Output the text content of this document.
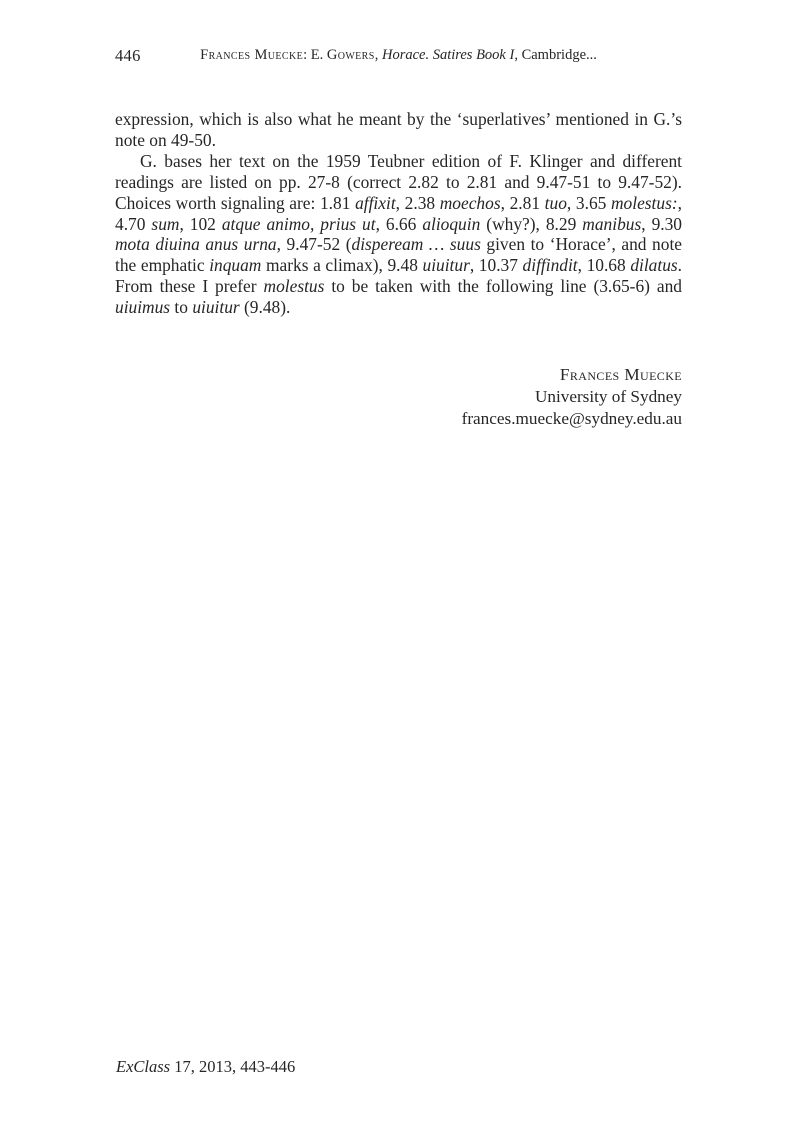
446	Frances Muecke: E. Gowers, Horace. Satires Book I, Cambridge...

expression, which is also what he meant by the ‘superlatives’ mentioned in G.’s note on 49-50.

G. bases her text on the 1959 Teubner edition of F. Klinger and different readings are listed on pp. 27-8 (correct 2.82 to 2.81 and 9.47-51 to 9.47-52). Choices worth signaling are: 1.81 affixit, 2.38 moechos, 2.81 tuo, 3.65 molestus:, 4.70 sum, 102 atque animo, prius ut, 6.66 alioquin (why?), 8.29 manibus, 9.30 mota diuina anus urna, 9.47-52 (dispeream … suus given to ‘Horace’, and note the emphatic inquam marks a climax), 9.48 uiuitur, 10.37 diffindit, 10.68 dilatus. From these I prefer molestus to be taken with the following line (3.65-6) and uiuimus to uiuitur (9.48).

Frances Muecke
University of Sydney
frances.muecke@sydney.edu.au
ExClass 17, 2013, 443-446
